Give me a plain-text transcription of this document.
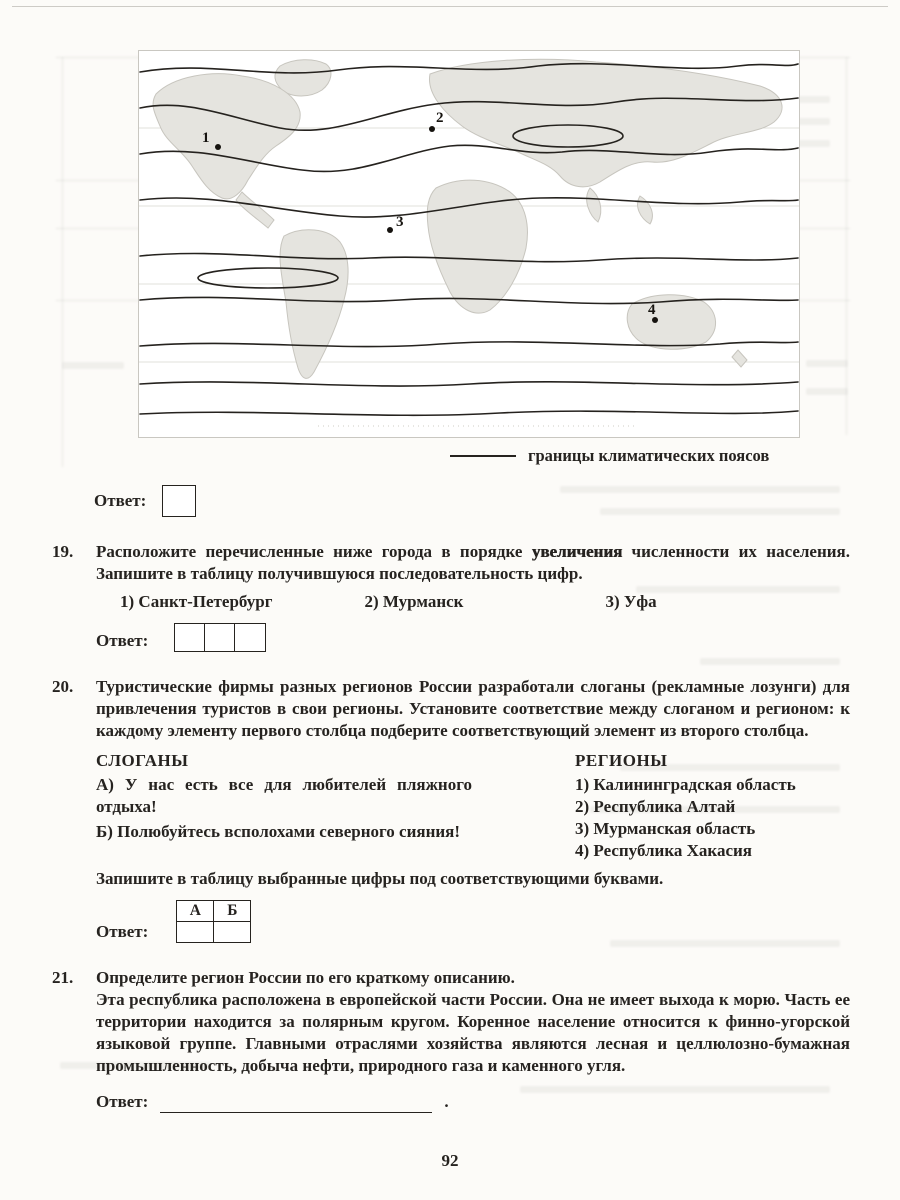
1
2
3
4
границы климатических поясов
Ответ:
19.	Расположите перечисленные ниже города в порядке увеличения численности их населения. Запишите в таблицу получившуюся последовательность цифр.

1) Санкт-Петербург	2) Мурманск	3) Уфа
Ответ:
20.	Туристические фирмы разных регионов России разработали слоганы (рекламные лозунги) для привлечения туристов в свои регионы. Установите соответствие между слоганом и регионом: к каждому элементу первого столбца подберите соответствующий элемент из второго столбца.

СЛОГАНЫ

А) У нас есть все для любителей пляжного отдыха!

Б) Полюбуйтесь всполохами северного сияния!

РЕГИОНЫ
1) Калининградская область
2) Республика Алтай
3) Мурманская область
4) Республика Хакасия

Запишите в таблицу выбранные цифры под соответствующими буквами.

Ответ:
А	Б

21.	Определите регион России по его краткому описанию.

Эта республика расположена в европейской части России. Она не имеет выхода к морю. Часть ее территории находится за полярным кругом. Коренное население относится к финно-угорской языковой группе. Главными отраслями хозяйства являются лесная и целлюлозно-бумажная промышленность, добыча нефти, природного газа и каменного угля.

Ответ:	.
92
